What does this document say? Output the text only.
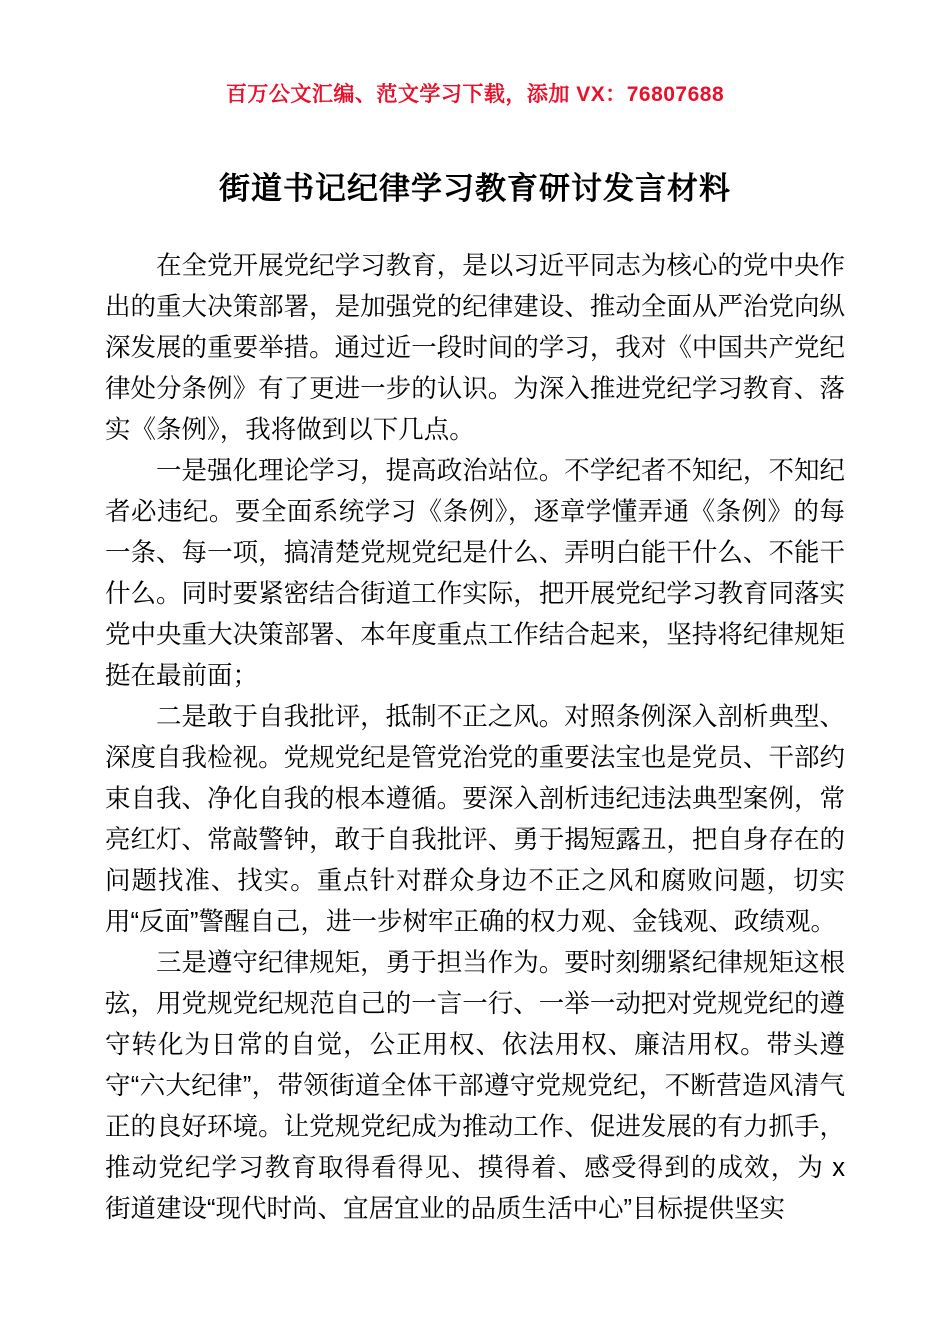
百万公文汇编、范文学习下载，添加 VX：76807688
街道书记纪律学习教育研讨发言材料

在全党开展党纪学习教育，是以习近平同志为核心的党中央作出的重大决策部署，是加强党的纪律建设、推动全面从严治党向纵深发展的重要举措。通过近一段时间的学习，我对《中国共产党纪律处分条例》有了更进一步的认识。为深入推进党纪学习教育、落实《条例》，我将做到以下几点。

一是强化理论学习，提高政治站位。不学纪者不知纪，不知纪者必违纪。要全面系统学习《条例》，逐章学懂弄通《条例》的每一条、每一项，搞清楚党规党纪是什么、弄明白能干什么、不能干什么。同时要紧密结合街道工作实际，把开展党纪学习教育同落实党中央重大决策部署、本年度重点工作结合起来，坚持将纪律规矩挺在最前面；

二是敢于自我批评，抵制不正之风。对照条例深入剖析典型、深度自我检视。党规党纪是管党治党的重要法宝也是党员、干部约束自我、净化自我的根本遵循。要深入剖析违纪违法典型案例，常亮红灯、常敲警钟，敢于自我批评、勇于揭短露丑，把自身存在的问题找准、找实。重点针对群众身边不正之风和腐败问题，切实用“反面”警醒自己，进一步树牢正确的权力观、金钱观、政绩观。

三是遵守纪律规矩，勇于担当作为。要时刻绷紧纪律规矩这根弦，用党规党纪规范自己的一言一行、一举一动把对党规党纪的遵守转化为日常的自觉，公正用权、依法用权、廉洁用权。带头遵守“六大纪律”，带领街道全体干部遵守党规党纪，不断营造风清气正的良好环境。让党规党纪成为推动工作、促进发展的有力抓手，推动党纪学习教育取得看得见、摸得着、感受得到的成效，为 x 街道建设“现代时尚、宜居宜业的品质生活中心”目标提供坚实
